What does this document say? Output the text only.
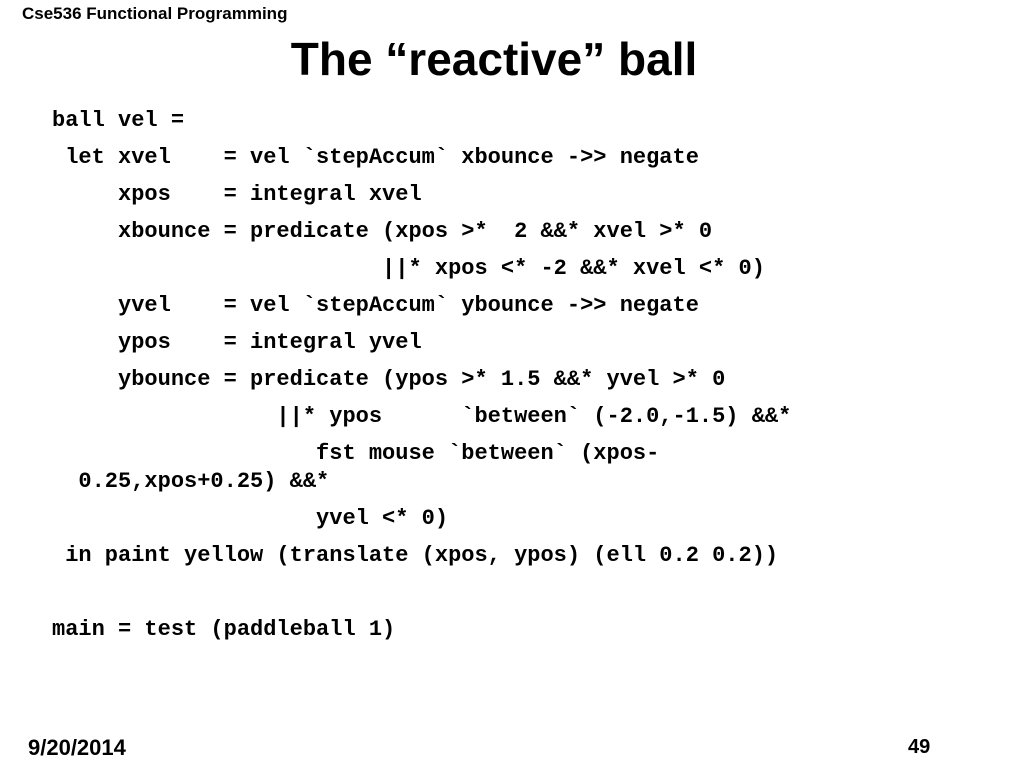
Cse536 Functional Programming
The “reactive” ball
ball vel =
let xvel    = vel `stepAccum` xbounce ->> negate
xpos    = integral xvel
xbounce = predicate (xpos >*  2 &&* xvel >* 0
||* xpos <* -2 &&* xvel <* 0)
yvel    = vel `stepAccum` ybounce ->> negate
ypos    = integral yvel
ybounce = predicate (ypos >* 1.5 &&* yvel >* 0
||* ypos      `between` (-2.0,-1.5) &&*
fst mouse `between` (xpos-
0.25,xpos+0.25) &&*
yvel <* 0)
in paint yellow (translate (xpos, ypos) (ell 0.2 0.2))
main = test (paddleball 1)
9/20/2014	49
